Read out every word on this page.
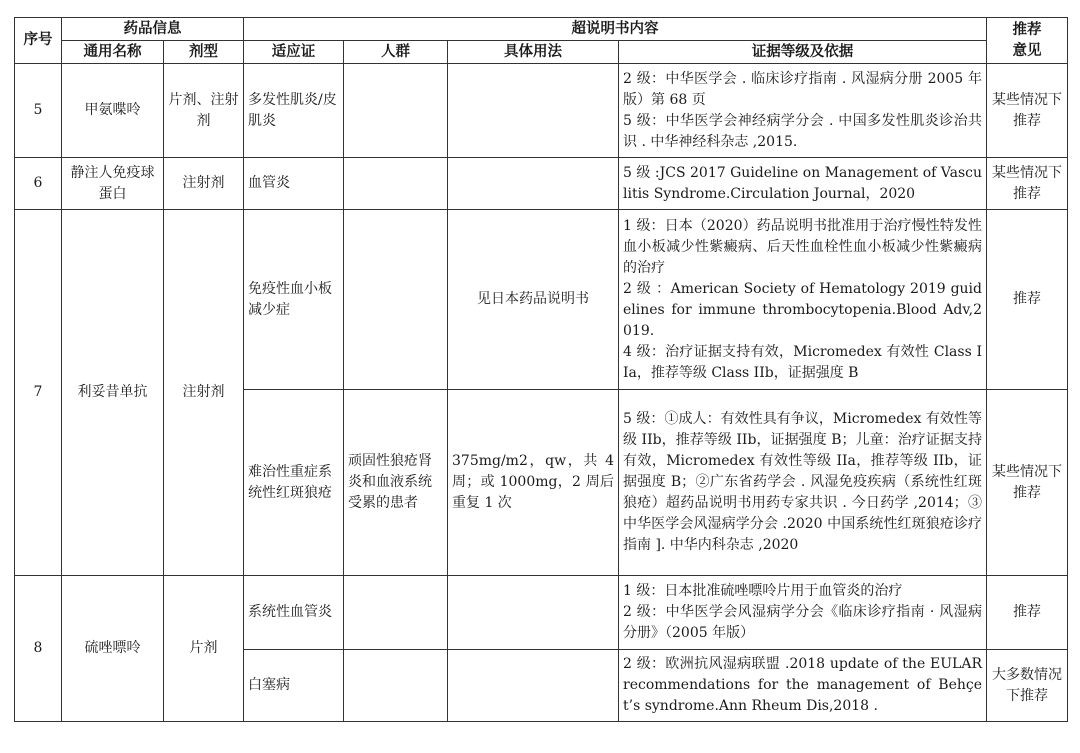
序号	药品信息		超说明书内容				推荐
意见

	通用名称	剂型	适应证	人群	具体用法	证据等级及依据	
5	甲氨喋呤	片剂、注射剂	多发性肌炎/皮肌炎			2 级：中华医学会 . 临床诊疗指南 . 风湿病分册 2005 年版）第 68 页
5 级：中华医学会神经病学分会 . 中国多发性肌炎诊治共识 . 中华神经科杂志 ,2015.	某些情况下推荐
6	静注人免疫球蛋白	注射剂	血管炎			5 级 :JCS 2017 Guideline on Management of Vasculitis Syndrome.Circulation Journal，2020	某些情况下推荐
7	利妥昔单抗	注射剂	免疫性血小板减少症		见日本药品说明书	1 级：日本（2020）药品说明书批准用于治疗慢性特发性血小板减少性紫癜病、后天性血栓性血小板减少性紫癜病的治疗
2 级 ：American Society of Hematology 2019 guidelines for immune thrombocytopenia.Blood Adv,2019.
4 级：治疗证据支持有效，Micromedex 有效性 Class IIa，推荐等级 Class IIb，证据强度 B	推荐
			难治性重症系统性红斑狼疮	顽固性狼疮肾炎和血液系统受累的患者	375mg/m2，qw，共 4 周；或 1000mg，2 周后重复 1 次	5 级：①成人：有效性具有争议，Micromedex 有效性等级 IIb，推荐等级 IIb，证据强度 B；儿童：治疗证据支持有效，Micromedex 有效性等级 IIa，推荐等级 IIb，证据强度 B；②广东省药学会 . 风湿免疫疾病（系统性红斑狼疮）超药品说明书用药专家共识 . 今日药学 ,2014；③中华医学会风湿病学分会 .2020 中国系统性红斑狼疮诊疗指南 ]. 中华内科杂志 ,2020	某些情况下推荐
8	硫唑嘌呤	片剂	系统性血管炎			1 级：日本批准硫唑嘌呤片用于血管炎的治疗
2 级：中华医学会风湿病学分会《临床诊疗指南 · 风湿病分册》（2005 年版）	推荐
			白塞病			2 级：欧洲抗风湿病联盟 .2018 update of the EULAR recommendations for the management of Behçet’s syndrome.Ann Rheum Dis,2018 .	大多数情况下推荐
